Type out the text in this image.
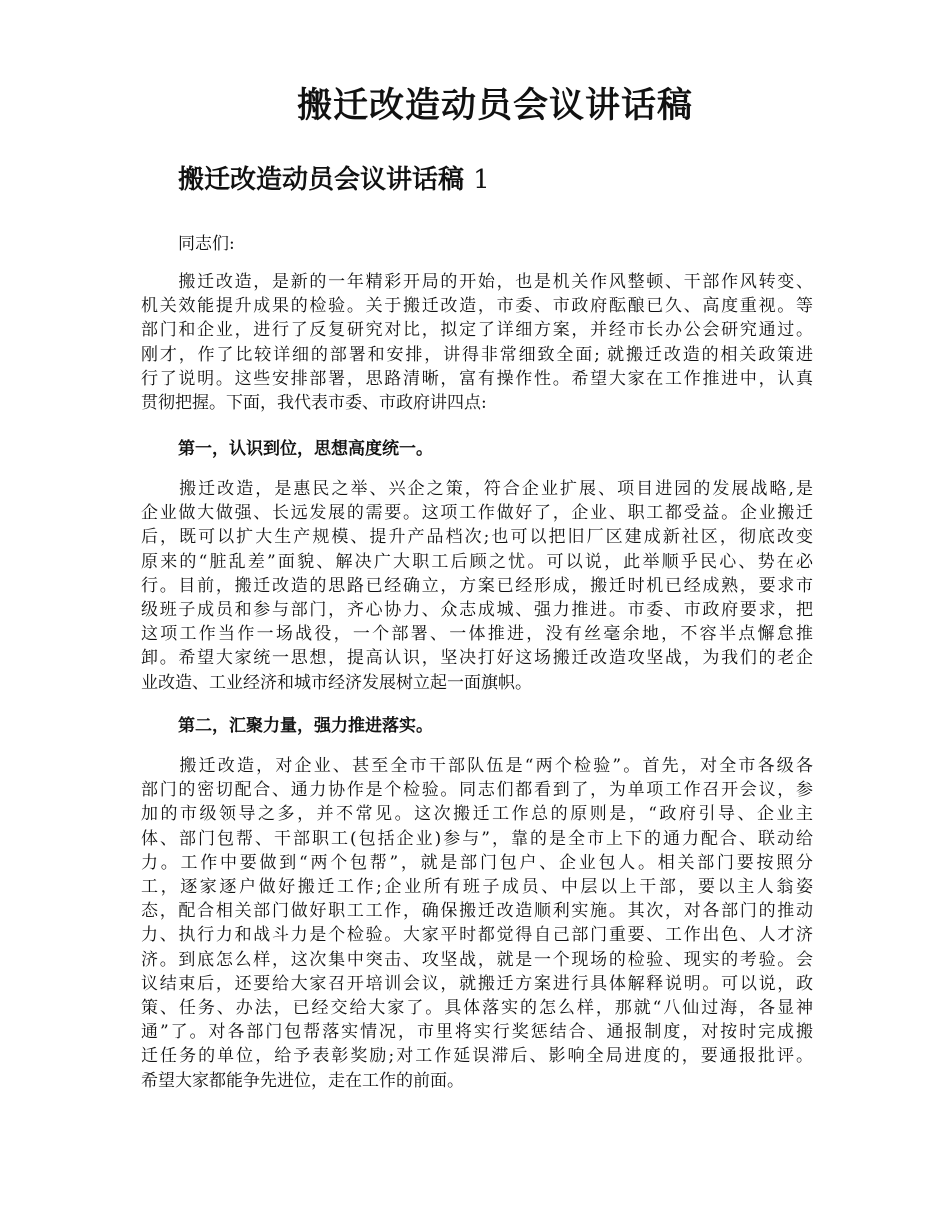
搬迁改造动员会议讲话稿
搬迁改造动员会议讲话稿 1

同志们:

　　搬迁改造，是新的一年精彩开局的开始，也是机关作风整顿、干部作风转变、
机关效能提升成果的检验。关于搬迁改造，市委、市政府酝酿已久、高度重视。等
部门和企业，进行了反复研究对比，拟定了详细方案，并经市长办公会研究通过。
刚才，作了比较详细的部署和安排，讲得非常细致全面; 就搬迁改造的相关政策进
行了说明。这些安排部署，思路清晰，富有操作性。希望大家在工作推进中，认真
贯彻把握。下面，我代表市委、市政府讲四点:

第一，认识到位，思想高度统一。

　　搬迁改造，是惠民之举、兴企之策，符合企业扩展、项目进园的发展战略,是
企业做大做强、长远发展的需要。这项工作做好了，企业、职工都受益。企业搬迁
后，既可以扩大生产规模、提升产品档次;也可以把旧厂区建成新社区，彻底改变
原来的“脏乱差”面貌、解决广大职工后顾之忧。可以说，此举顺乎民心、势在必
行。目前，搬迁改造的思路已经确立，方案已经形成，搬迁时机已经成熟，要求市
级班子成员和参与部门，齐心协力、众志成城、强力推进。市委、市政府要求，把
这项工作当作一场战役，一个部署、一体推进，没有丝毫余地，不容半点懈怠推
卸。希望大家统一思想，提高认识，坚决打好这场搬迁改造攻坚战，为我们的老企
业改造、工业经济和城市经济发展树立起一面旗帜。

第二，汇聚力量，强力推进落实。

　　搬迁改造，对企业、甚至全市干部队伍是“两个检验”。首先，对全市各级各
部门的密切配合、通力协作是个检验。同志们都看到了，为单项工作召开会议，参
加的市级领导之多，并不常见。这次搬迁工作总的原则是，“政府引导、企业主
体、部门包帮、干部职工(包括企业)参与”，靠的是全市上下的通力配合、联动给
力。工作中要做到“两个包帮”，就是部门包户、企业包人。相关部门要按照分
工，逐家逐户做好搬迁工作;企业所有班子成员、中层以上干部，要以主人翁姿
态，配合相关部门做好职工工作，确保搬迁改造顺利实施。其次，对各部门的推动
力、执行力和战斗力是个检验。大家平时都觉得自己部门重要、工作出色、人才济
济。到底怎么样，这次集中突击、攻坚战，就是一个现场的检验、现实的考验。会
议结束后，还要给大家召开培训会议，就搬迁方案进行具体解释说明。可以说，政
策、任务、办法，已经交给大家了。具体落实的怎么样，那就“八仙过海，各显神
通”了。对各部门包帮落实情况，市里将实行奖惩结合、通报制度，对按时完成搬
迁任务的单位，给予表彰奖励;对工作延误滞后、影响全局进度的，要通报批评。
希望大家都能争先进位，走在工作的前面。
